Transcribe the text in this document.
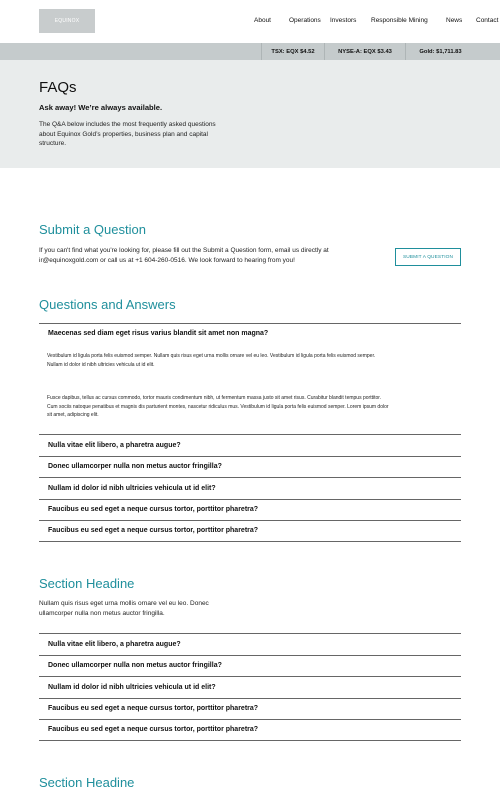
EQUINOX	About	Operations Investors Responsible Mining	News Contact
TSX: EQX $4.52	NYSE-A: EQX $3.43	Gold: $1,711.83
FAQs
Ask away! We’re always available.
The Q&A below includes the most frequently asked questions about Equinox Gold’s properties, business plan and capital structure.
Submit a Question
If you can't find what you're looking for, please fill out the Submit a Question form, email us directly at ir@equinoxgold.com or call us at +1 604-260-0516. We look forward to hearing from you!	SUBMIT A QUESTION
Questions and Answers
Maecenas sed diam eget risus varius blandit sit amet non magna?
Vestibulum id ligula porta felis euismod semper. Nullam quis risus eget urna mollis ornare vel eu leo. Vestibulum id ligula porta felis euismod semper. Nullam id dolor id nibh ultricies vehicula ut id elit.
Fusce dapibus, tellus ac cursus commodo, tortor mauris condimentum nibh, ut fermentum massa justo sit amet risus. Curabitur blandit tempus porttitor. Cum sociis natoque penatibus et magnis dis parturient montes, nascetur ridiculus mus. Vestibulum id ligula porta felis euismod semper. Lorem ipsum dolor sit amet, adipiscing elit.
Nulla vitae elit libero, a pharetra augue?
Donec ullamcorper nulla non metus auctor fringilla?
Nullam id dolor id nibh ultricies vehicula ut id elit?
Faucibus eu sed eget a neque cursus tortor, porttitor pharetra?
Faucibus eu sed eget a neque cursus tortor, porttitor pharetra?
Section Headine
Nullam quis risus eget urna mollis ornare vel eu leo. Donec ullamcorper nulla non metus auctor fringilla.
Nulla vitae elit libero, a pharetra augue?
Donec ullamcorper nulla non metus auctor fringilla?
Nullam id dolor id nibh ultricies vehicula ut id elit?
Faucibus eu sed eget a neque cursus tortor, porttitor pharetra?
Faucibus eu sed eget a neque cursus tortor, porttitor pharetra?
Section Headine
